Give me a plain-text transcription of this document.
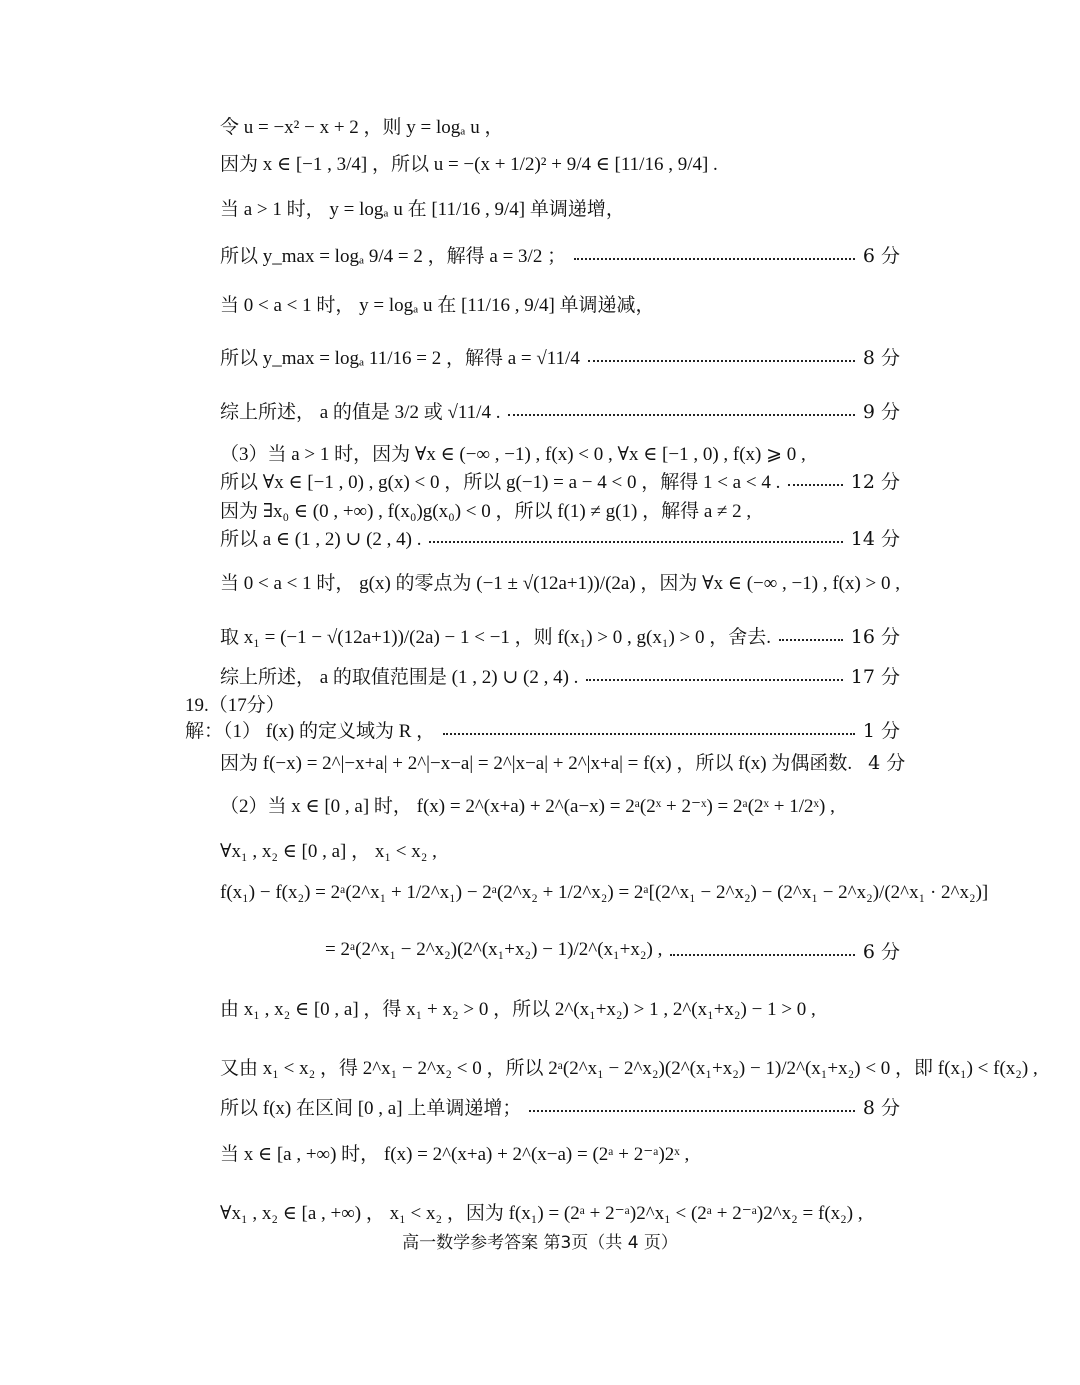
令 u = −x² − x + 2 ，则 y = logₐ u ，
因为 x ∈ [−1 , 3/4] ，所以 u = −(x + 1/2)² + 9/4 ∈ [11/16 , 9/4] .
当 a > 1 时， y = logₐ u 在 [11/16 , 9/4] 单调递增，
所以 y_max = logₐ 9/4 = 2 ，解得 a = 3/2 ；	6 分
当 0 < a < 1 时， y = logₐ u 在 [11/16 , 9/4] 单调递减，
所以 y_max = logₐ 11/16 = 2 ，解得 a = √11/4	8 分
综上所述， a 的值是 3/2 或 √11/4 .	9 分
（3）当 a > 1 时，因为 ∀x ∈ (−∞ , −1) , f(x) < 0 , ∀x ∈ [−1 , 0) , f(x) ⩾ 0 ,
所以 ∀x ∈ [−1 , 0) , g(x) < 0 ，所以 g(−1) = a − 4 < 0 ，解得 1 < a < 4 .	12 分
因为 ∃x₀ ∈ (0 , +∞) , f(x₀)g(x₀) < 0 ，所以 f(1) ≠ g(1) ，解得 a ≠ 2 ,
所以 a ∈ (1 , 2) ∪ (2 , 4) .	14 分
当 0 < a < 1 时， g(x) 的零点为 (−1 ± √(12a+1))/(2a) ，因为 ∀x ∈ (−∞ , −1) , f(x) > 0 ,
取 x₁ = (−1 − √(12a+1))/(2a) − 1 < −1 ，则 f(x₁) > 0 , g(x₁) > 0 ，舍去.	16 分
综上所述， a 的取值范围是 (1 , 2) ∪ (2 , 4) .	17 分
19.（17分）
解：（1） f(x) 的定义域为 R ，	1 分
因为 f(−x) = 2^|−x+a| + 2^|−x−a| = 2^|x−a| + 2^|x+a| = f(x) ，所以 f(x) 为偶函数. 4 分
（2）当 x ∈ [0 , a] 时， f(x) = 2^(x+a) + 2^(a−x) = 2ᵃ(2ˣ + 2⁻ˣ) = 2ᵃ(2ˣ + 1/2ˣ) ,
∀x₁ , x₂ ∈ [0 , a] ， x₁ < x₂ ,
f(x₁) − f(x₂) = 2ᵃ(2^x₁ + 1/2^x₁) − 2ᵃ(2^x₂ + 1/2^x₂) = 2ᵃ[(2^x₁ − 2^x₂) − (2^x₁ − 2^x₂)/(2^x₁ · 2^x₂)]
= 2ᵃ(2^x₁ − 2^x₂)(2^(x₁+x₂) − 1)/2^(x₁+x₂) ,	6 分
由 x₁ , x₂ ∈ [0 , a] ，得 x₁ + x₂ > 0 ，所以 2^(x₁+x₂) > 1 , 2^(x₁+x₂) − 1 > 0 ,
又由 x₁ < x₂ ，得 2^x₁ − 2^x₂ < 0 ，所以 2ᵃ(2^x₁ − 2^x₂)(2^(x₁+x₂) − 1)/2^(x₁+x₂) < 0 ，即 f(x₁) < f(x₂) ,
所以 f(x) 在区间 [0 , a] 上单调递增；	8 分
当 x ∈ [a , +∞) 时， f(x) = 2^(x+a) + 2^(x−a) = (2ᵃ + 2⁻ᵃ)2ˣ ,
∀x₁ , x₂ ∈ [a , +∞) ， x₁ < x₂ ，因为 f(x₁) = (2ᵃ + 2⁻ᵃ)2^x₁ < (2ᵃ + 2⁻ᵃ)2^x₂ = f(x₂) ,
高一数学参考答案 第3页（共 4 页）
